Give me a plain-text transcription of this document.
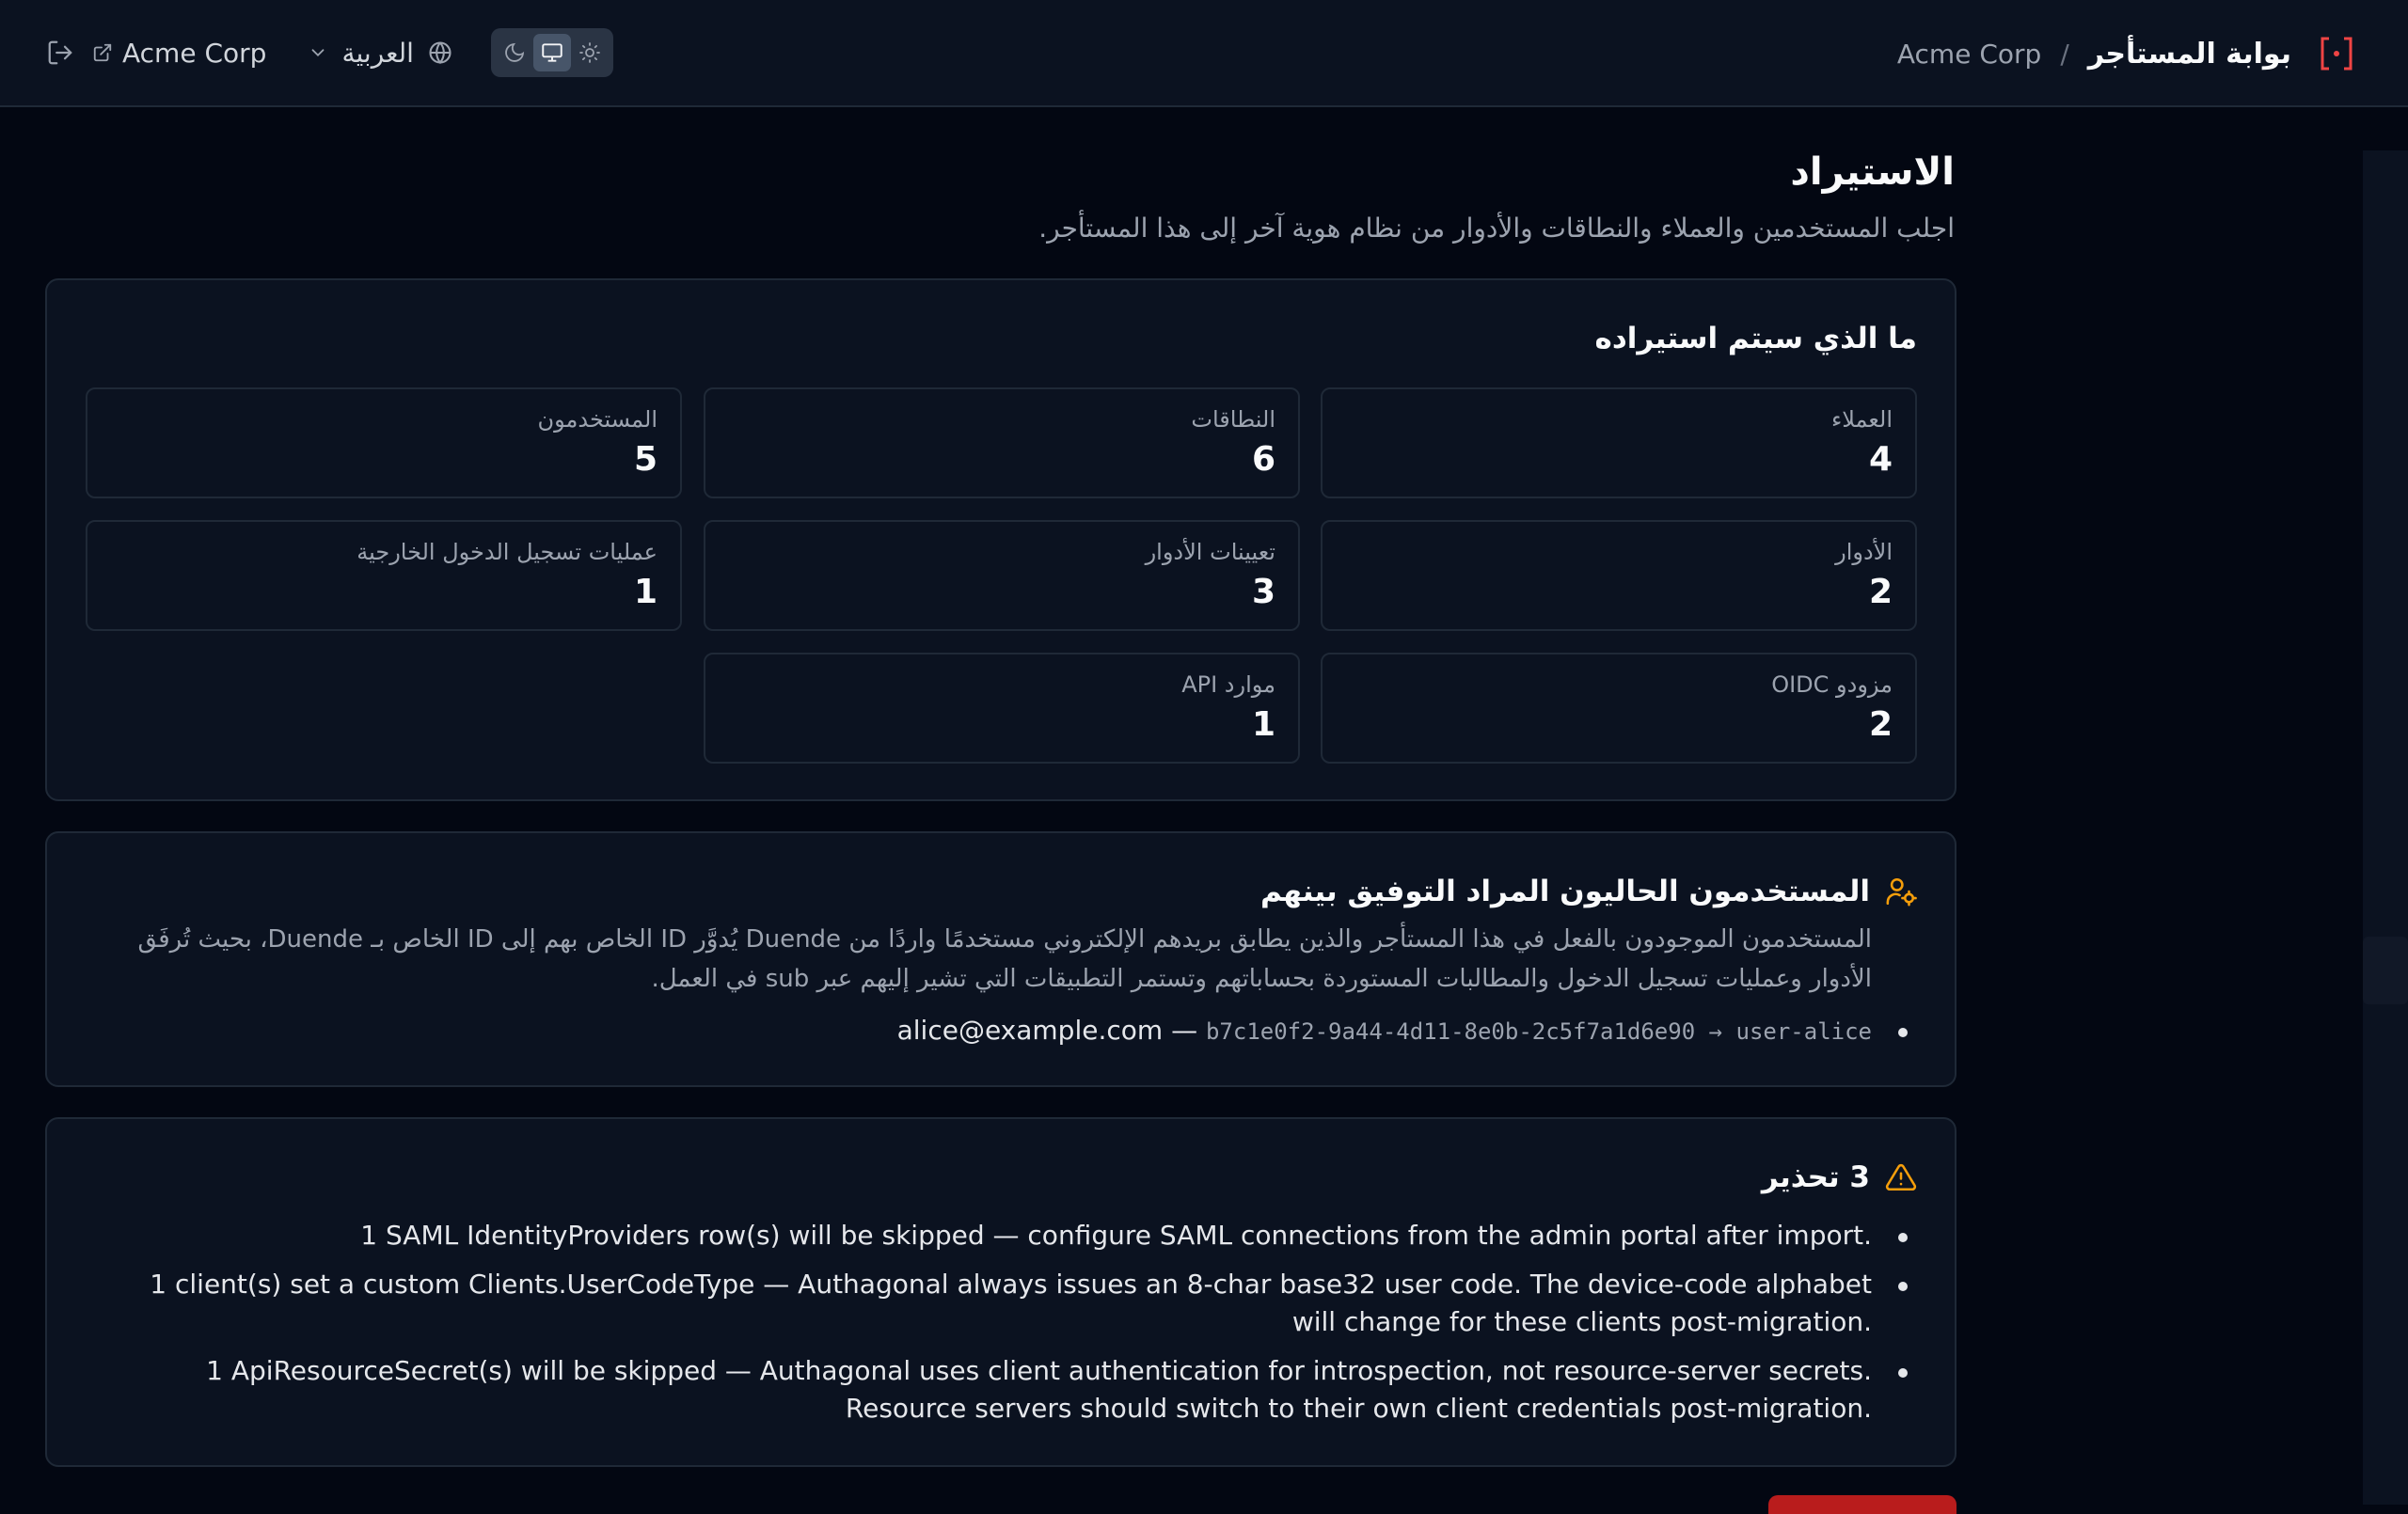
بوابة المستأجر
/
Acme Corp
Acme Corp	العربية
الاستيراد

اجلب المستخدمين والعملاء والنطاقات والأدوار من نظام هوية آخر إلى هذا المستأجر.

ما الذي سيتم استيراده
العملاء
4
النطاقات
6
المستخدمون
5
الأدوار
2
تعيينات الأدوار
3
عمليات تسجيل الدخول الخارجية
1
مزودو OIDC
2
موارد API
1
المستخدمون الحاليون المراد التوفيق بينهم

المستخدمون الموجودون بالفعل في هذا المستأجر والذين يطابق بريدهم الإلكتروني مستخدمًا واردًا من Duende يُدوَّر ID الخاص بهم إلى ID الخاص بـ Duende، بحيث تُرفَق الأدوار وعمليات تسجيل الدخول والمطالبات المستوردة بحساباتهم وتستمر التطبيقات التي تشير إليهم عبر sub في العمل.

b7c1e0f2-9a44-4d11-8e0b-2c5f7a1d6e90 → user-alice — alice@example.com
3 تحذير
1 SAML IdentityProviders row(s) will be skipped — configure SAML connections from the admin portal after import.
1 client(s) set a custom Clients.UserCodeType — Authagonal always issues an 8-char base32 user code. The device-code alphabet will change for these clients post-migration.
1 ApiResourceSecret(s) will be skipped — Authagonal uses client authentication for introspection, not resource-server secrets. Resource servers should switch to their own client credentials post-migration.
